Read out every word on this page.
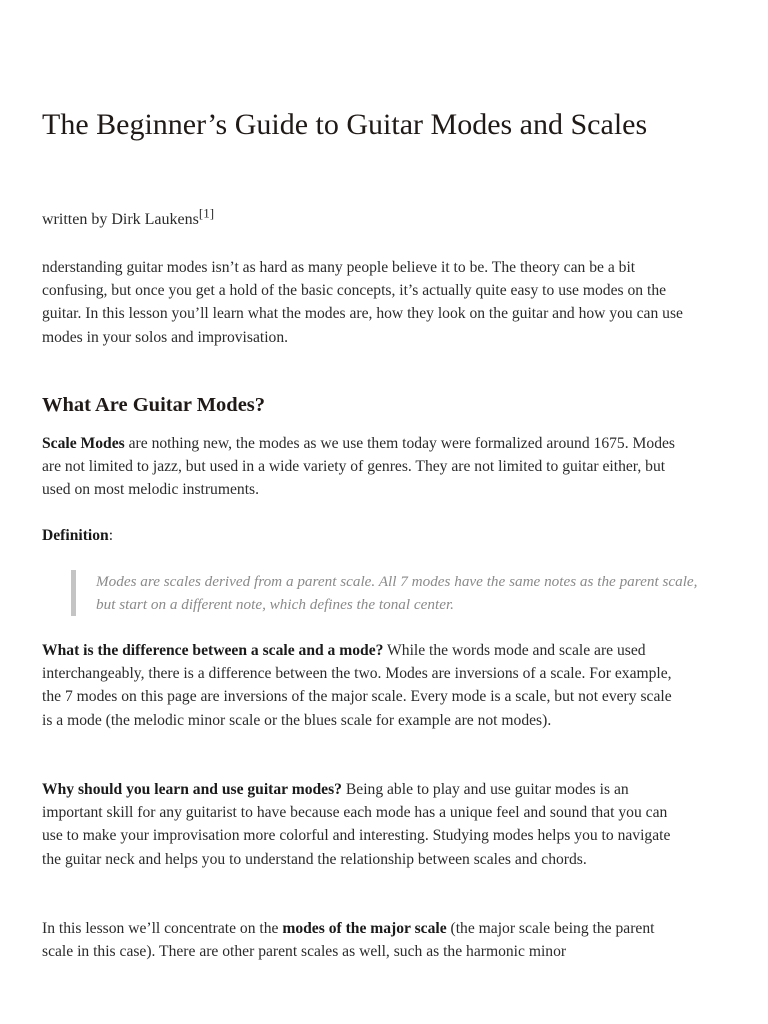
The Beginner’s Guide to Guitar Modes and Scales

written by Dirk Laukens[1]

nderstanding guitar modes isn’t as hard as many people believe it to be. The theory can be a bit confusing, but once you get a hold of the basic concepts, it’s actually quite easy to use modes on the guitar. In this lesson you’ll learn what the modes are, how they look on the guitar and how you can use modes in your solos and improvisation.

What Are Guitar Modes?

Scale Modes are nothing new, the modes as we use them today were formalized around 1675. Modes are not limited to jazz, but used in a wide variety of genres. They are not limited to guitar either, but used on most melodic instruments.

Definition:

Modes are scales derived from a parent scale. All 7 modes have the same notes as the parent scale, but start on a different note, which defines the tonal center.

What is the difference between a scale and a mode? While the words mode and scale are used interchangeably, there is a difference between the two. Modes are inversions of a scale. For example, the 7 modes on this page are inversions of the major scale. Every mode is a scale, but not every scale is a mode (the melodic minor scale or the blues scale for example are not modes).

Why should you learn and use guitar modes? Being able to play and use guitar modes is an important skill for any guitarist to have because each mode has a unique feel and sound that you can use to make your improvisation more colorful and interesting. Studying modes helps you to navigate the guitar neck and helps you to understand the relationship between scales and chords.

In this lesson we’ll concentrate on the modes of the major scale (the major scale being the parent scale in this case). There are other parent scales as well, such as the harmonic minor
